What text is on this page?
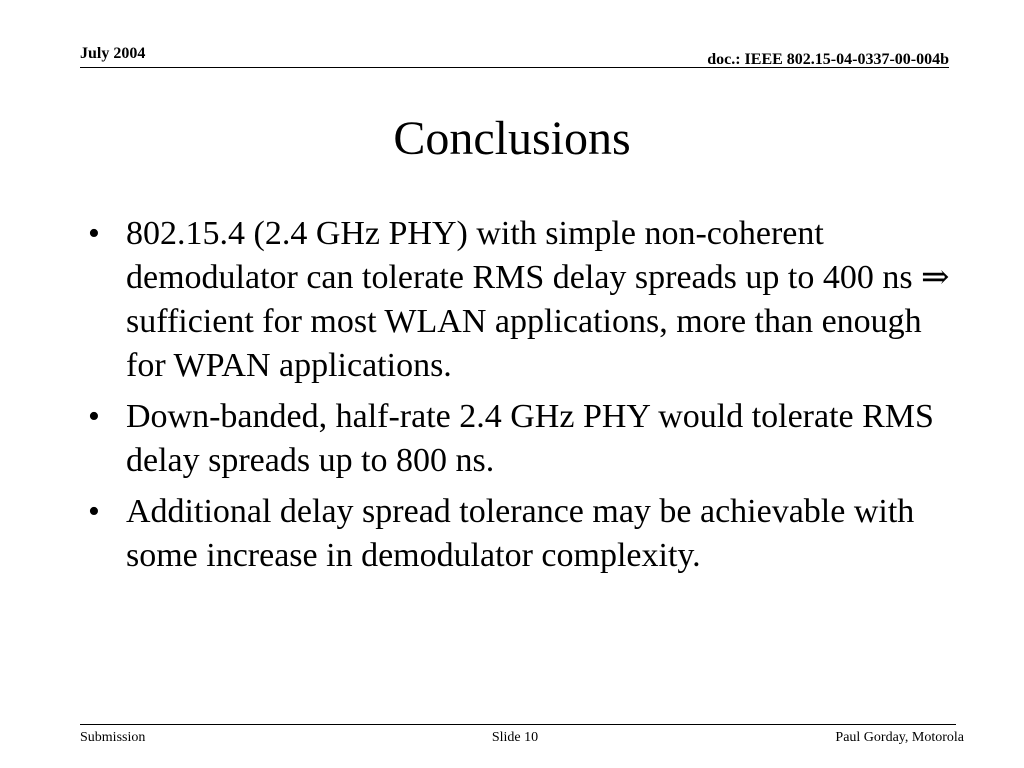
July 2004	doc.: IEEE 802.15-04-0337-00-004b
Conclusions
• 802.15.4 (2.4 GHz PHY) with simple non-coherent demodulator can tolerate RMS delay spreads up to 400 ns ⇒ sufficient for most WLAN applications, more than enough for WPAN applications.
• Down-banded, half-rate 2.4 GHz PHY would tolerate RMS delay spreads up to 800 ns.
• Additional delay spread tolerance may be achievable with some increase in demodulator complexity.
Submission	Slide 10	Paul Gorday, Motorola
